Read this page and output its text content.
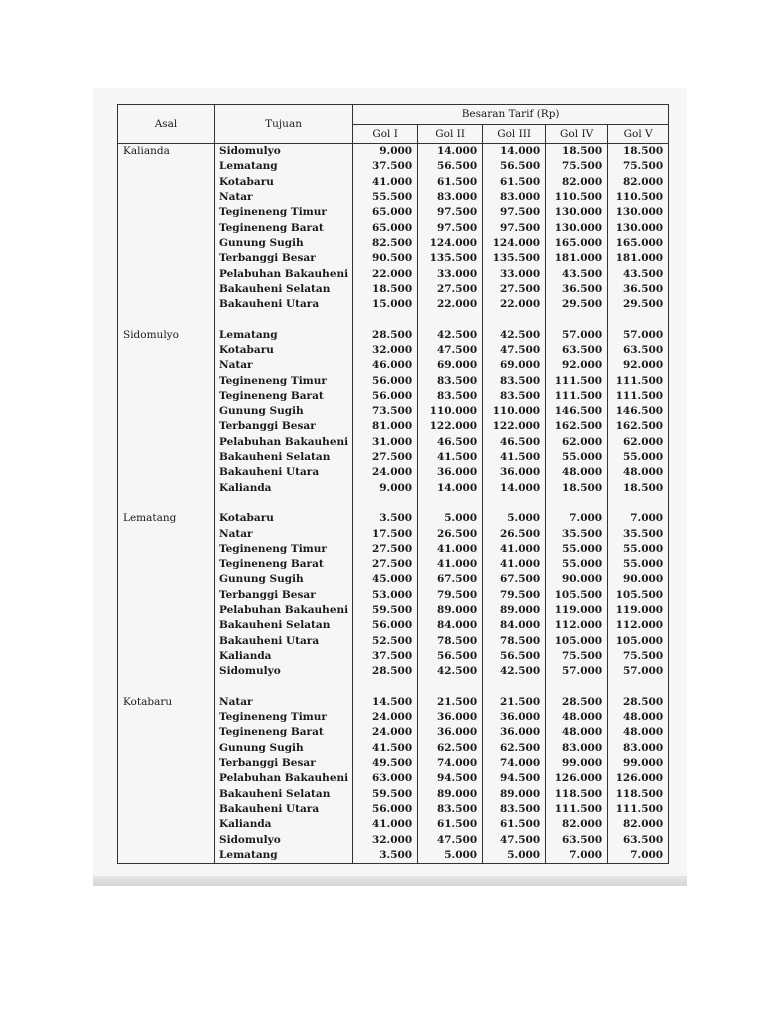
Asal	Tujuan	Besaran Tarif (Rp)				
		Gol I	Gol II	Gol III	Gol IV	Gol V
Kalianda	Sidomulyo	9.000	14.000	14.000	18.500	18.500
	Lematang	37.500	56.500	56.500	75.500	75.500
	Kotabaru	41.000	61.500	61.500	82.000	82.000
	Natar	55.500	83.000	83.000	110.500	110.500
	Tegineneng Timur	65.000	97.500	97.500	130.000	130.000
	Tegineneng Barat	65.000	97.500	97.500	130.000	130.000
	Gunung Sugih	82.500	124.000	124.000	165.000	165.000
	Terbanggi Besar	90.500	135.500	135.500	181.000	181.000
	Pelabuhan Bakauheni	22.000	33.000	33.000	43.500	43.500
	Bakauheni Selatan	18.500	27.500	27.500	36.500	36.500
	Bakauheni Utara	15.000	22.000	22.000	29.500	29.500

Sidomulyo	Lematang	28.500	42.500	42.500	57.000	57.000
	Kotabaru	32.000	47.500	47.500	63.500	63.500
	Natar	46.000	69.000	69.000	92.000	92.000
	Tegineneng Timur	56.000	83.500	83.500	111.500	111.500
	Tegineneng Barat	56.000	83.500	83.500	111.500	111.500
	Gunung Sugih	73.500	110.000	110.000	146.500	146.500
	Terbanggi Besar	81.000	122.000	122.000	162.500	162.500
	Pelabuhan Bakauheni	31.000	46.500	46.500	62.000	62.000
	Bakauheni Selatan	27.500	41.500	41.500	55.000	55.000
	Bakauheni Utara	24.000	36.000	36.000	48.000	48.000
	Kalianda	9.000	14.000	14.000	18.500	18.500

Lematang	Kotabaru	3.500	5.000	5.000	7.000	7.000
	Natar	17.500	26.500	26.500	35.500	35.500
	Tegineneng Timur	27.500	41.000	41.000	55.000	55.000
	Tegineneng Barat	27.500	41.000	41.000	55.000	55.000
	Gunung Sugih	45.000	67.500	67.500	90.000	90.000
	Terbanggi Besar	53.000	79.500	79.500	105.500	105.500
	Pelabuhan Bakauheni	59.500	89.000	89.000	119.000	119.000
	Bakauheni Selatan	56.000	84.000	84.000	112.000	112.000
	Bakauheni Utara	52.500	78.500	78.500	105.000	105.000
	Kalianda	37.500	56.500	56.500	75.500	75.500
	Sidomulyo	28.500	42.500	42.500	57.000	57.000

Kotabaru	Natar	14.500	21.500	21.500	28.500	28.500
	Tegineneng Timur	24.000	36.000	36.000	48.000	48.000
	Tegineneng Barat	24.000	36.000	36.000	48.000	48.000
	Gunung Sugih	41.500	62.500	62.500	83.000	83.000
	Terbanggi Besar	49.500	74.000	74.000	99.000	99.000
	Pelabuhan Bakauheni	63.000	94.500	94.500	126.000	126.000
	Bakauheni Selatan	59.500	89.000	89.000	118.500	118.500
	Bakauheni Utara	56.000	83.500	83.500	111.500	111.500
	Kalianda	41.000	61.500	61.500	82.000	82.000
	Sidomulyo	32.000	47.500	47.500	63.500	63.500
	Lematang	3.500	5.000	5.000	7.000	7.000
